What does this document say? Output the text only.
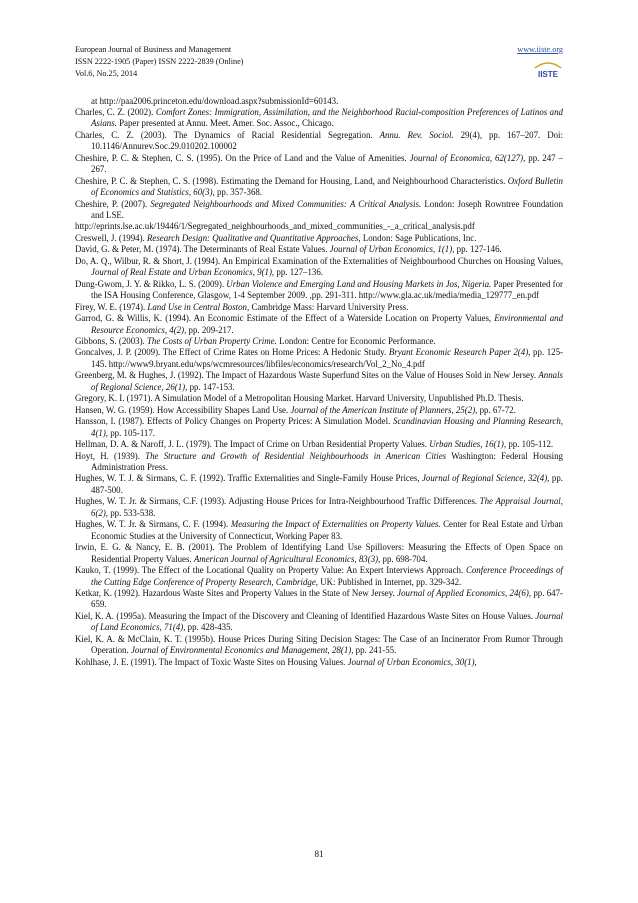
European Journal of Business and Management
ISSN 2222-1905 (Paper) ISSN 2222-2839 (Online)
Vol.6, No.25, 2014
www.iiste.org
IISTE
at http://paa2006.princeton.edu/download.aspx?submissionId=60143.
Charles, C. Z. (2002). Comfort Zones: Immigration, Assimilation, and the Neighborhood Racial-composition Preferences of Latinos and Asians. Paper presented at Annu. Meet. Amer. Soc. Assoc., Chicago.
Charles, C. Z. (2003). The Dynamics of Racial Residential Segregation. Annu. Rev. Sociol. 29(4), pp. 167–207. Doi: 10.1146/Annurev.Soc.29.010202.100002
Cheshire, P. C. & Stephen, C. S. (1995). On the Price of Land and the Value of Amenities. Journal of Economica, 62(127), pp. 247 – 267.
Cheshire, P. C. & Stephen, C. S. (1998). Estimating the Demand for Housing, Land, and Neighbourhood Characteristics. Oxford Bulletin of Economics and Statistics, 60(3), pp. 357-368.
Cheshire, P. (2007). Segregated Neighbourhoods and Mixed Communities: A Critical Analysis. London: Joseph Rowntree Foundation and LSE.
http://eprints.lse.ac.uk/19446/1/Segregated_neighbourhoods_and_mixed_communities_-_a_critical_analysis.pdf
Creswell, J. (1994). Research Design: Qualitative and Quantitative Approaches, London: Sage Publications, Inc.
David, G. & Peter, M. (1974). The Determinants of Real Estate Values. Journal of Urban Economics, 1(1), pp. 127-146.
Do, A. Q., Wilbur, R. & Short, J. (1994). An Empirical Examination of the Externalities of Neighbourhood Churches on Housing Values, Journal of Real Estate and Urban Economics, 9(1), pp. 127–136.
Dung-Gwom, J. Y. & Rikko, L. S. (2009). Urban Violence and Emerging Land and Housing Markets in Jos, Nigeria. Paper Presented for the ISA Housing Conference, Glasgow, 1-4 September 2009. ,pp. 291-311. http://www.gla.ac.uk/media/media_129777_en.pdf
Firey, W. E. (1974). Land Use in Central Boston, Cambridge Mass: Harvard University Press.
Garrod, G. & Willis, K. (1994). An Economic Estimate of the Effect of a Waterside Location on Property Values, Environmental and Resource Economics, 4(2), pp. 209-217.
Gibbons, S. (2003). The Costs of Urban Property Crime. London: Centre for Economic Performance.
Goncalves, J. P. (2009). The Effect of Crime Rates on Home Prices: A Hedonic Study. Bryant Economic Research Paper 2(4), pp. 125-145. http://www9.bryant.edu/wps/wcmresources/libfiles/economics/research/Vol_2_No_4.pdf
Greenberg, M. & Hughes, J. (1992). The Impact of Hazardous Waste Superfund Sites on the Value of Houses Sold in New Jersey. Annals of Regional Science, 26(1), pp. 147-153.
Gregory, K. I. (1971). A Simulation Model of a Metropolitan Housing Market. Harvard University, Unpublished Ph.D. Thesis.
Hansen, W. G. (1959). How Accessibility Shapes Land Use. Journal of the American Institute of Planners, 25(2), pp. 67-72.
Hansson, I. (1987). Effects of Policy Changes on Property Prices: A Simulation Model. Scandinavian Housing and Planning Research, 4(1), pp. 105-117.
Hellman, D. A. & Naroff, J. L. (1979). The Impact of Crime on Urban Residential Property Values. Urban Studies, 16(1), pp. 105-112.
Hoyt, H. (1939). The Structure and Growth of Residential Neighbourhoods in American Cities Washington: Federal Housing Administration Press.
Hughes, W. T. J. & Sirmans, C. F. (1992). Traffic Externalities and Single-Family House Prices, Journal of Regional Science, 32(4), pp. 487-500.
Hughes, W. T. Jr. & Sirmans, C.F. (1993). Adjusting House Prices for Intra-Neighbourhood Traffic Differences. The Appraisal Journal, 6(2), pp. 533-538.
Hughes, W. T. Jr. & Sirmans, C. F. (1994). Measuring the Impact of Externalities on Property Values. Center for Real Estate and Urban Economic Studies at the University of Connecticut, Working Paper 83.
Irwin, E. G. & Nancy, E. B. (2001). The Problem of Identifying Land Use Spillovers: Measuring the Effects of Open Space on Residential Property Values. American Journal of Agricultural Economics, 83(3), pp. 698-704.
Kauko, T. (1999). The Effect of the Locational Quality on Property Value: An Expert Interviews Approach. Conference Proceedings of the Cutting Edge Conference of Property Research, Cambridge, UK: Published in Internet, pp. 329-342.
Ketkar, K. (1992). Hazardous Waste Sites and Property Values in the State of New Jersey. Journal of Applied Economics, 24(6), pp. 647-659.
Kiel, K. A. (1995a). Measuring the Impact of the Discovery and Cleaning of Identified Hazardous Waste Sites on House Values. Journal of Land Economics, 71(4), pp. 428-435.
Kiel, K. A. & McClain, K. T. (1995b). House Prices During Siting Decision Stages: The Case of an Incinerator From Rumor Through Operation. Journal of Environmental Economics and Management, 28(1), pp. 241-55.
Kohlhase, J. E. (1991). The Impact of Toxic Waste Sites on Housing Values. Journal of Urban Economics, 30(1),
81
